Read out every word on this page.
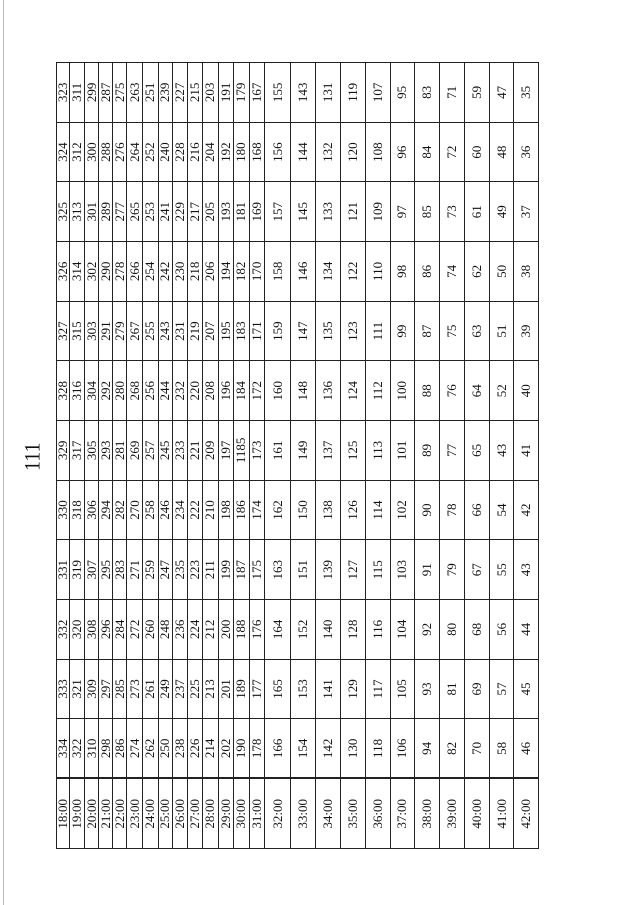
111
18:00	334	333	332	331	330	329	328	327	326	325	324	323
19:00	322	321	320	319	318	317	316	315	314	313	312	311
20:00	310	309	308	307	306	305	304	303	302	301	300	299
21:00	298	297	296	295	294	293	292	291	290	289	288	287
22:00	286	285	284	283	282	281	280	279	278	277	276	275
23:00	274	273	272	271	270	269	268	267	266	265	264	263
24:00	262	261	260	259	258	257	256	255	254	253	252	251
25:00	250	249	248	247	246	245	244	243	242	241	240	239
26:00	238	237	236	235	234	233	232	231	230	229	228	227
27:00	226	225	224	223	222	221	220	219	218	217	216	215
28:00	214	213	212	211	210	209	208	207	206	205	204	203
29:00	202	201	200	199	198	197	196	195	194	193	192	191
30:00	190	189	188	187	186	1185	184	183	182	181	180	179
31:00	178	177	176	175	174	173	172	171	170	169	168	167
32:00	166	165	164	163	162	161	160	159	158	157	156	155
33:00	154	153	152	151	150	149	148	147	146	145	144	143
34:00	142	141	140	139	138	137	136	135	134	133	132	131
35:00	130	129	128	127	126	125	124	123	122	121	120	119
36:00	118	117	116	115	114	113	112	111	110	109	108	107
37:00	106	105	104	103	102	101	100	99	98	97	96	95
38:00	94	93	92	91	90	89	88	87	86	85	84	83
39:00	82	81	80	79	78	77	76	75	74	73	72	71
40:00	70	69	68	67	66	65	64	63	62	61	60	59
41:00	58	57	56	55	54	43	52	51	50	49	48	47
42:00	46	45	44	43	42	41	40	39	38	37	36	35
